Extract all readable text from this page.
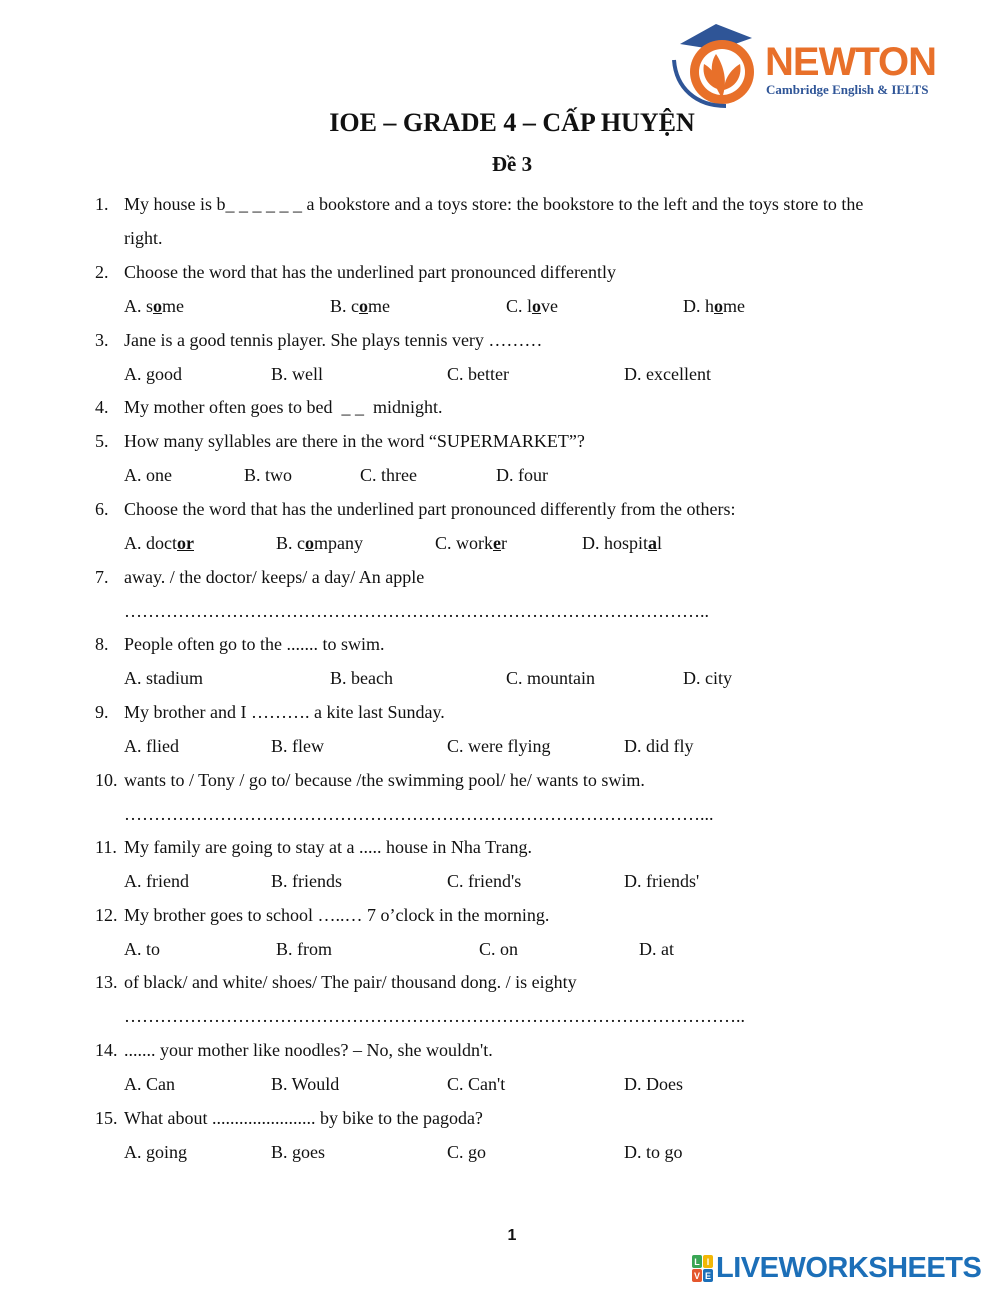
NEWTON
Cambridge English & IELTS
IOE – GRADE 4 – CẤP HUYỆN
Đề 3
1. My house is b_ _ _ _ _ _ a bookstore and a toys store: the bookstore to the left and the toys store to the
right.
2. Choose the word that has the underlined part pronounced differently
A. some	B. come	C. love	D. home
3. Jane is a good tennis player. She plays tennis very ………
A. good	B. well	C. better	D. excellent
4. My mother often goes to bed  _ _  midnight.
5. How many syllables are there in the word “SUPERMARKET”?
A. one	B. two	C. three	D. four
6. Choose the word that has the underlined part pronounced differently from the others:
A. doctor	B. company	C. worker	D. hospital
7. away. / the doctor/ keeps/ a day/ An apple
……………………………………………………………………………………..
8. People often go to the ....... to swim.
A. stadium	B. beach	C. mountain	D. city
9. My brother and I ………. a kite last Sunday.
A. flied	B. flew	C. were flying	D. did fly
10. wants to / Tony / go to/ because /the swimming pool/ he/ wants to swim.
……………………………………………………………………………………...
11. My family are going to stay at a ..... house in Nha Trang.
A. friend	B. friends	C. friend's	D. friends'
12. My brother goes to school …..… 7 o’clock in the morning.
A. to	B. from	C. on	D. at
13. of black/ and white/ shoes/ The pair/ thousand dong. / is eighty
…………………………………………………………………………………………..
14. ....... your mother like noodles? – No, she wouldn't.
A. Can	B. Would	C. Can't	D. Does
15. What about ....................... by bike to the pagoda?
A. going	B. goes	C. go	D. to go
1
L I
V E LIVEWORKSHEETS
